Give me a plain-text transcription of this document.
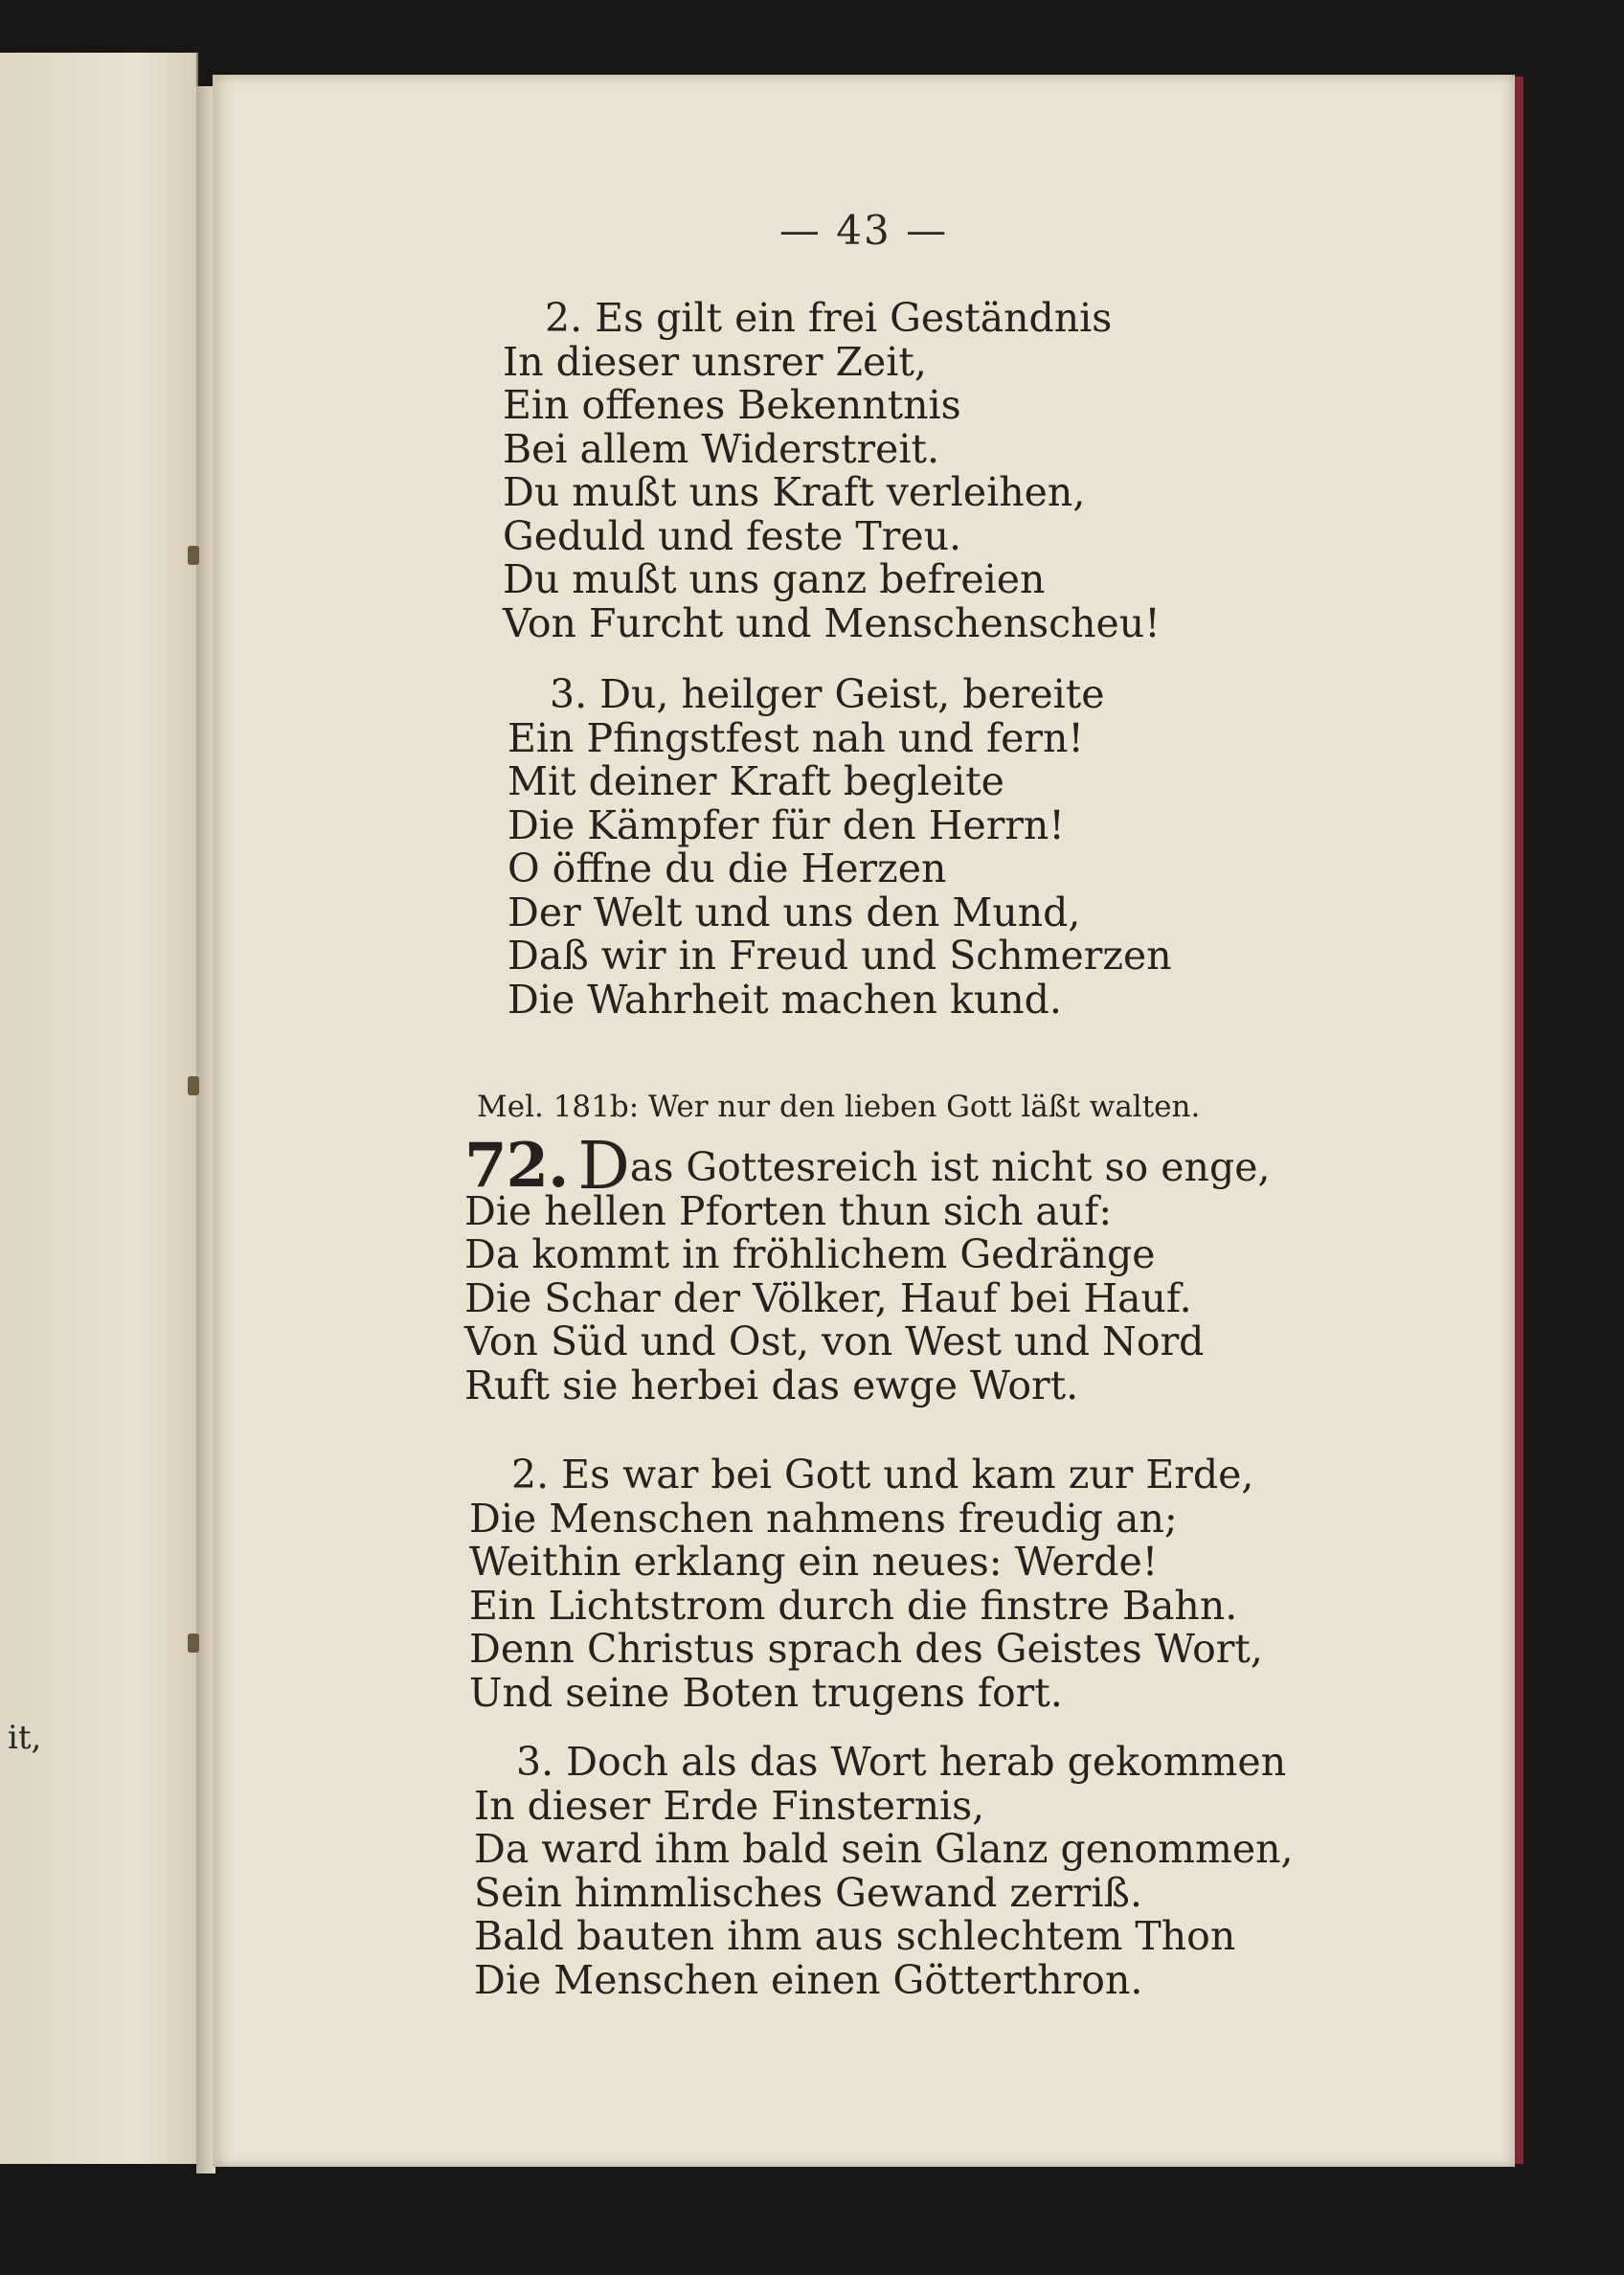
it,
— 43 —
2. Es gilt ein frei Geständnis
In dieser unsrer Zeit,
Ein offenes Bekenntnis
Bei allem Widerstreit.
Du mußt uns Kraft verleihen,
Geduld und feste Treu.
Du mußt uns ganz befreien
Von Furcht und Menschenscheu!
3. Du, heilger Geist, bereite
Ein Pfingstfest nah und fern!
Mit deiner Kraft begleite
Die Kämpfer für den Herrn!
O öffne du die Herzen
Der Welt und uns den Mund,
Daß wir in Freud und Schmerzen
Die Wahrheit machen kund.
Mel. 181b: Wer nur den lieben Gott läßt walten.
72. Das Gottesreich ist nicht so enge,
Die hellen Pforten thun sich auf:
Da kommt in fröhlichem Gedränge
Die Schar der Völker, Hauf bei Hauf.
Von Süd und Ost, von West und Nord
Ruft sie herbei das ewge Wort.
2. Es war bei Gott und kam zur Erde,
Die Menschen nahmens freudig an;
Weithin erklang ein neues: Werde!
Ein Lichtstrom durch die finstre Bahn.
Denn Christus sprach des Geistes Wort,
Und seine Boten trugens fort.
3. Doch als das Wort herab gekommen
In dieser Erde Finsternis,
Da ward ihm bald sein Glanz genommen,
Sein himmlisches Gewand zerriß.
Bald bauten ihm aus schlechtem Thon
Die Menschen einen Götterthron.
